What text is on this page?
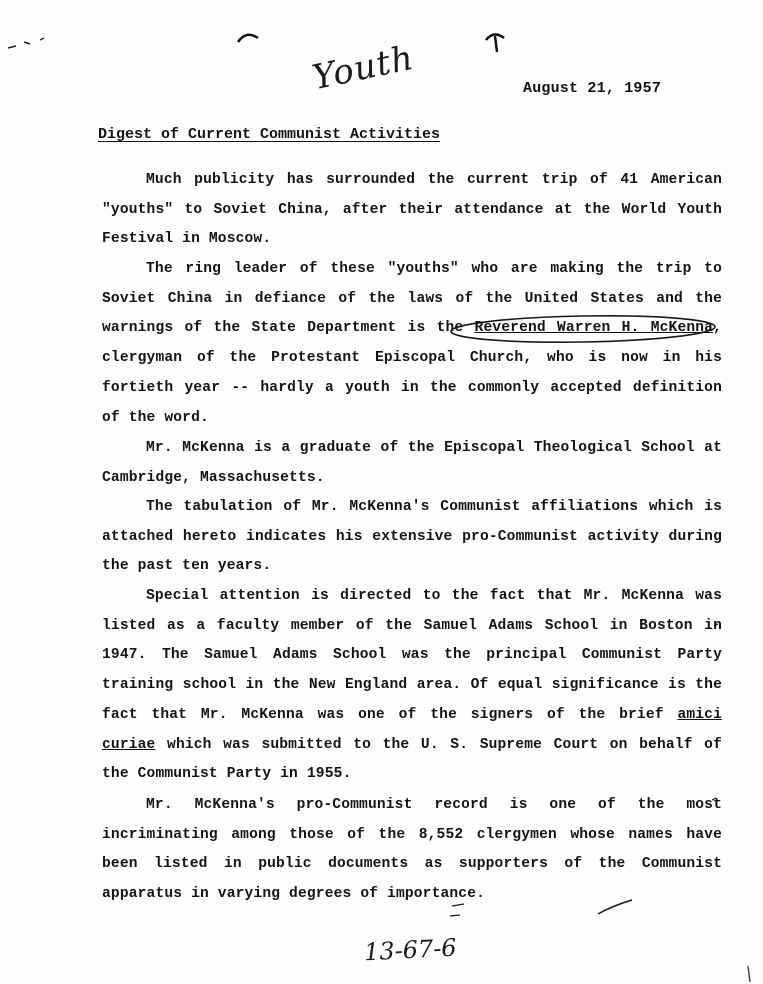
Youth	August 21, 1957
Digest of Current Communist Activities

Much publicity has surrounded the current trip of 41 American "youths" to Soviet China, after their attendance at the World Youth Festival in Moscow.

The ring leader of these "youths" who are making the trip to Soviet China in defiance of the laws of the United States and the warnings of the State Department is the Reverend Warren H. McKenna, clergyman of the Protestant Episcopal Church, who is now in his fortieth year -- hardly a youth in the commonly accepted definition of the word.

Mr. McKenna is a graduate of the Episcopal Theological School at Cambridge, Massachusetts.

The tabulation of Mr. McKenna's Communist affiliations which is attached hereto indicates his extensive pro-Communist activity during the past ten years.

Special attention is directed to the fact that Mr. McKenna was listed as a faculty member of the Samuel Adams School in Boston in 1947. The Samuel Adams School was the principal Communist Party training school in the New England area. Of equal significance is the fact that Mr. McKenna was one of the signers of the brief amici curiae which was submitted to the U. S. Supreme Court on behalf of the Communist Party in 1955.

Mr. McKenna's pro-Communist record is one of the most incriminating among those of the 8,552 clergymen whose names have been listed in public documents as supporters of the Communist apparatus in varying degrees of importance.

13-67-6
